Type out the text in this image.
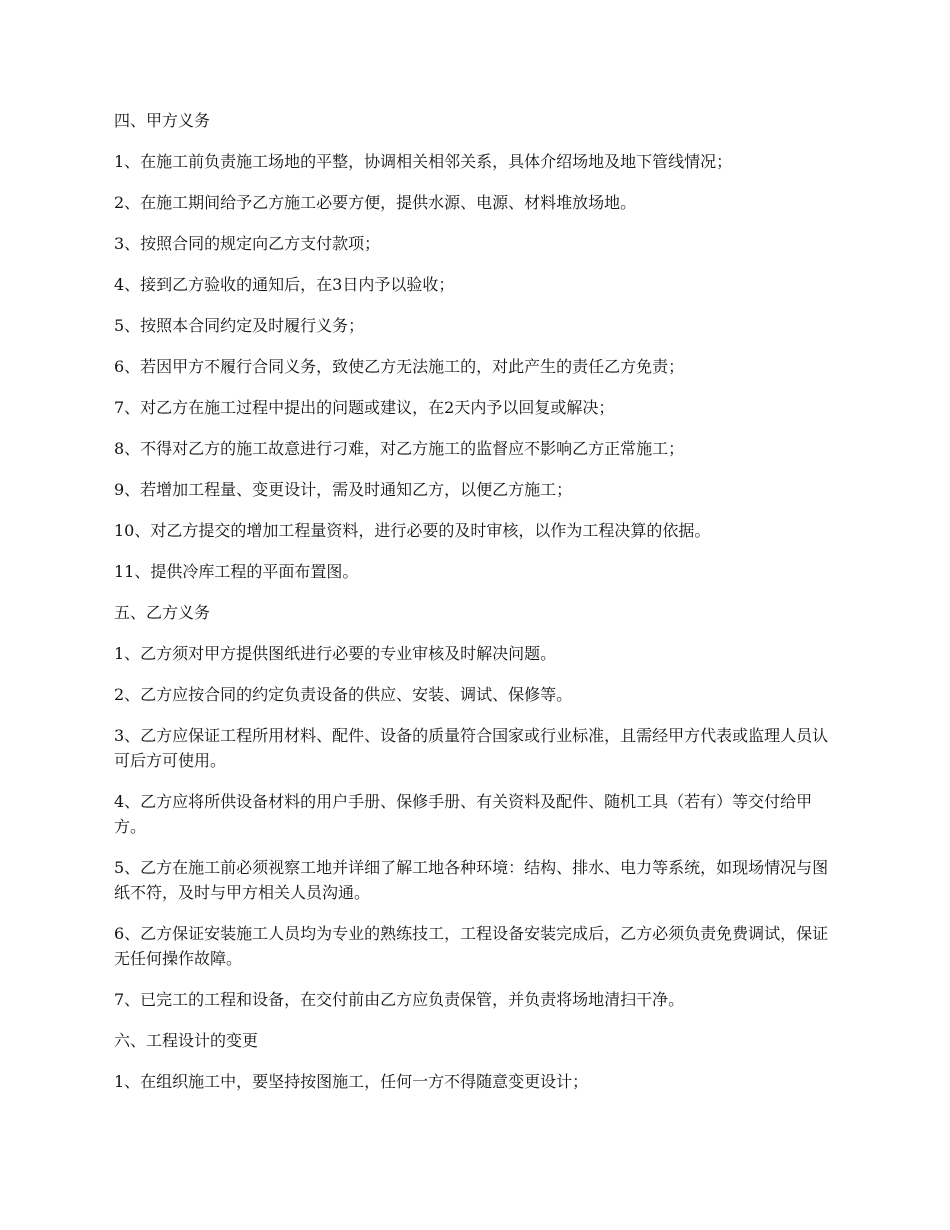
四、甲方义务
1、在施工前负责施工场地的平整，协调相关相邻关系，具体介绍场地及地下管线情况；
2、在施工期间给予乙方施工必要方便，提供水源、电源、材料堆放场地。
3、按照合同的规定向乙方支付款项；
4、接到乙方验收的通知后，在3日内予以验收；
5、按照本合同约定及时履行义务；
6、若因甲方不履行合同义务，致使乙方无法施工的，对此产生的责任乙方免责；
7、对乙方在施工过程中提出的问题或建议，在2天内予以回复或解决；
8、不得对乙方的施工故意进行刁难，对乙方施工的监督应不影响乙方正常施工；
9、若增加工程量、变更设计，需及时通知乙方，以便乙方施工；
10、对乙方提交的增加工程量资料，进行必要的及时审核，以作为工程决算的依据。
11、提供冷库工程的平面布置图。
五、乙方义务
1、乙方须对甲方提供图纸进行必要的专业审核及时解决问题。
2、乙方应按合同的约定负责设备的供应、安装、调试、保修等。
3、乙方应保证工程所用材料、配件、设备的质量符合国家或行业标准，且需经甲方代表或监理人员认可后方可使用。
4、乙方应将所供设备材料的用户手册、保修手册、有关资料及配件、随机工具（若有）等交付给甲方。
5、乙方在施工前必须视察工地并详细了解工地各种环境：结构、排水、电力等系统，如现场情况与图纸不符，及时与甲方相关人员沟通。
6、乙方保证安装施工人员均为专业的熟练技工，工程设备安装完成后，乙方必须负责免费调试，保证无任何操作故障。
7、已完工的工程和设备，在交付前由乙方应负责保管，并负责将场地清扫干净。
六、工程设计的变更
1、在组织施工中，要坚持按图施工，任何一方不得随意变更设计；
